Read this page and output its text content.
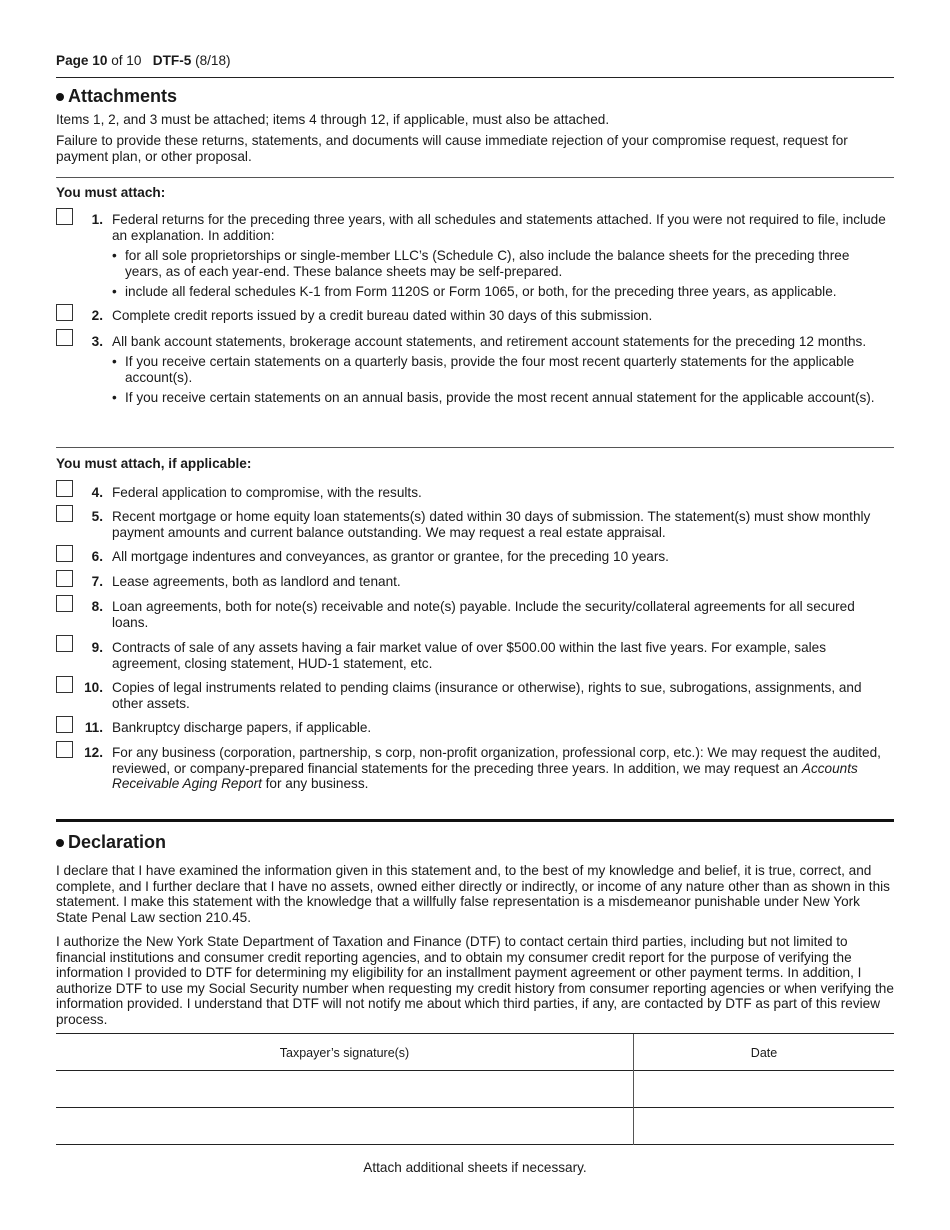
Page 10 of 10 DTF-5 (8/18)
Attachments
Items 1, 2, and 3 must be attached; items 4 through 12, if applicable, must also be attached.
Failure to provide these returns, statements, and documents will cause immediate rejection of your compromise request, request for payment plan, or other proposal.
You must attach:
1. Federal returns for the preceding three years, with all schedules and statements attached. If you were not required to file, include an explanation. In addition:
• for all sole proprietorships or single-member LLC’s (Schedule C), also include the balance sheets for the preceding three years, as of each year-end. These balance sheets may be self-prepared.
• include all federal schedules K-1 from Form 1120S or Form 1065, or both, for the preceding three years, as applicable.
2. Complete credit reports issued by a credit bureau dated within 30 days of this submission.
3. All bank account statements, brokerage account statements, and retirement account statements for the preceding 12 months.
• If you receive certain statements on a quarterly basis, provide the four most recent quarterly statements for the applicable account(s).
• If you receive certain statements on an annual basis, provide the most recent annual statement for the applicable account(s).
You must attach, if applicable:
4. Federal application to compromise, with the results.
5. Recent mortgage or home equity loan statements(s) dated within 30 days of submission. The statement(s) must show monthly payment amounts and current balance outstanding. We may request a real estate appraisal.
6. All mortgage indentures and conveyances, as grantor or grantee, for the preceding 10 years.
7. Lease agreements, both as landlord and tenant.
8. Loan agreements, both for note(s) receivable and note(s) payable. Include the security/collateral agreements for all secured loans.
9. Contracts of sale of any assets having a fair market value of over $500.00 within the last five years. For example, sales agreement, closing statement, HUD-1 statement, etc.
10. Copies of legal instruments related to pending claims (insurance or otherwise), rights to sue, subrogations, assignments, and other assets.
11. Bankruptcy discharge papers, if applicable.
12. For any business (corporation, partnership, s corp, non-profit organization, professional corp, etc.): We may request the audited, reviewed, or company-prepared financial statements for the preceding three years. In addition, we may request an Accounts Receivable Aging Report for any business.
Declaration
I declare that I have examined the information given in this statement and, to the best of my knowledge and belief, it is true, correct, and complete, and I further declare that I have no assets, owned either directly or indirectly, or income of any nature other than as shown in this statement. I make this statement with the knowledge that a willfully false representation is a misdemeanor punishable under New York State Penal Law section 210.45.
I authorize the New York State Department of Taxation and Finance (DTF) to contact certain third parties, including but not limited to financial institutions and consumer credit reporting agencies, and to obtain my consumer credit report for the purpose of verifying the information I provided to DTF for determining my eligibility for an installment payment agreement or other payment terms. In addition, I authorize DTF to use my Social Security number when requesting my credit history from consumer reporting agencies or when verifying the information provided. I understand that DTF will not notify me about which third parties, if any, are contacted by DTF as part of this review process.
Taxpayer’s signature(s)	Date
Attach additional sheets if necessary.
